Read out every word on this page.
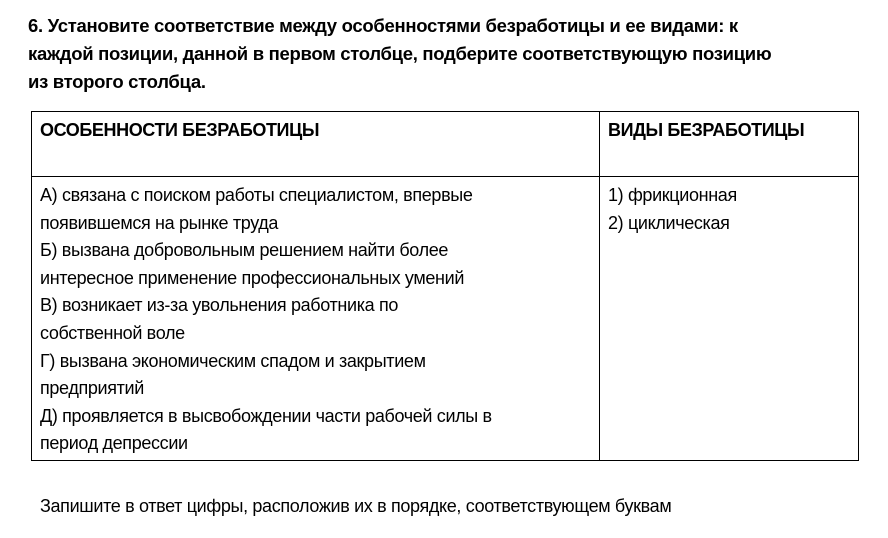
6. Установите соответствие между особенностями безработицы и ее видами: к
каждой позиции, данной в первом столбце, подберите соответствующую позицию
из второго столбца.
ОСОБЕННОСТИ БЕЗРАБОТИЦЫ	ВИДЫ БЕЗРАБОТИЦЫ
А) связана с поиском работы специалистом, впервые
появившемся на рынке труда
Б) вызвана добровольным решением найти более
интересное применение профессиональных умений
В) возникает из-за увольнения работника по
собственной воле
Г) вызвана экономическим спадом и закрытием
предприятий
Д) проявляется в высвобождении части рабочей силы в
период депрессии
1) фрикционная
2) циклическая
Запишите в ответ цифры, расположив их в порядке, соответствующем буквам
